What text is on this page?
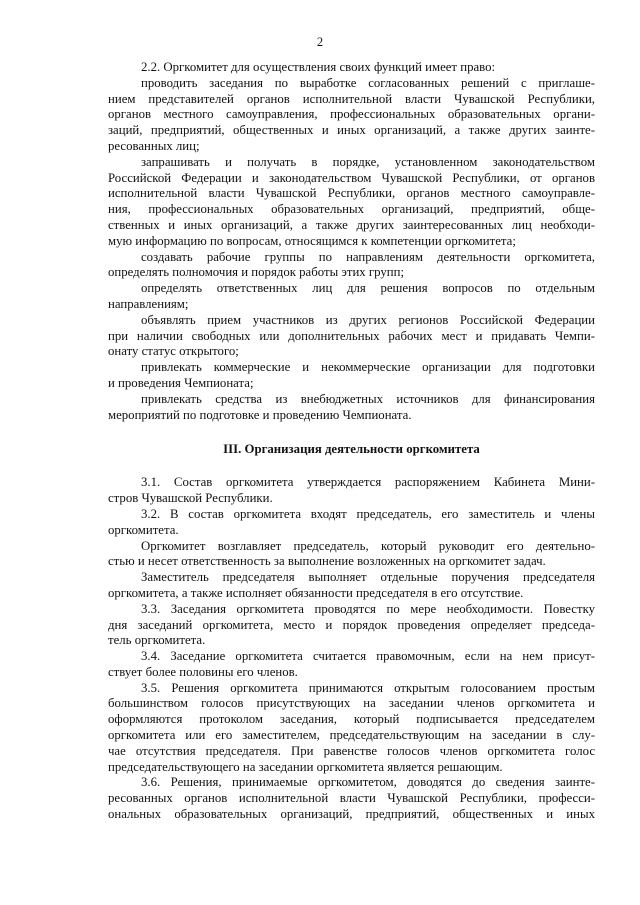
2
2.2. Оргкомитет для осуществления своих функций имеет право:
проводить заседания по выработке согласованных решений с приглаше-
нием представителей органов исполнительной власти Чувашской Республики,
органов местного самоуправления, профессиональных образовательных органи-
заций, предприятий, общественных и иных организаций, а также других заинте-
ресованных лиц;
запрашивать и получать в порядке, установленном законодательством
Российской Федерации и законодательством Чувашской Республики, от органов
исполнительной власти Чувашской Республики, органов местного самоуправле-
ния, профессиональных образовательных организаций, предприятий, обще-
ственных и иных организаций, а также других заинтересованных лиц необходи-
мую информацию по вопросам, относящимся к компетенции оргкомитета;
создавать рабочие группы по направлениям деятельности оргкомитета,
определять полномочия и порядок работы этих групп;
определять ответственных лиц для решения вопросов по отдельным
направлениям;
объявлять прием участников из других регионов Российской Федерации
при наличии свободных или дополнительных рабочих мест и придавать Чемпи-
онату статус открытого;
привлекать коммерческие и некоммерческие организации для подготовки
и проведения Чемпионата;
привлекать средства из внебюджетных источников для финансирования
мероприятий по подготовке и проведению Чемпионата.
III. Организация деятельности оргкомитета
3.1. Состав оргкомитета утверждается распоряжением Кабинета Мини-
стров Чувашской Республики.
3.2. В состав оргкомитета входят председатель, его заместитель и члены
оргкомитета.
Оргкомитет возглавляет председатель, который руководит его деятельно-
стью и несет ответственность за выполнение возложенных на оргкомитет задач.
Заместитель председателя выполняет отдельные поручения председателя
оргкомитета, а также исполняет обязанности председателя в его отсутствие.
3.3. Заседания оргкомитета проводятся по мере необходимости. Повестку
дня заседаний оргкомитета, место и порядок проведения определяет председа-
тель оргкомитета.
3.4. Заседание оргкомитета считается правомочным, если на нем присут-
ствует более половины его членов.
3.5. Решения оргкомитета принимаются открытым голосованием простым
большинством голосов присутствующих на заседании членов оргкомитета и
оформляются протоколом заседания, который подписывается председателем
оргкомитета или его заместителем, председательствующим на заседании в слу-
чае отсутствия председателя. При равенстве голосов членов оргкомитета голос
председательствующего на заседании оргкомитета является решающим.
3.6. Решения, принимаемые оргкомитетом, доводятся до сведения заинте-
ресованных органов исполнительной власти Чувашской Республики, професси-
ональных образовательных организаций, предприятий, общественных и иных
